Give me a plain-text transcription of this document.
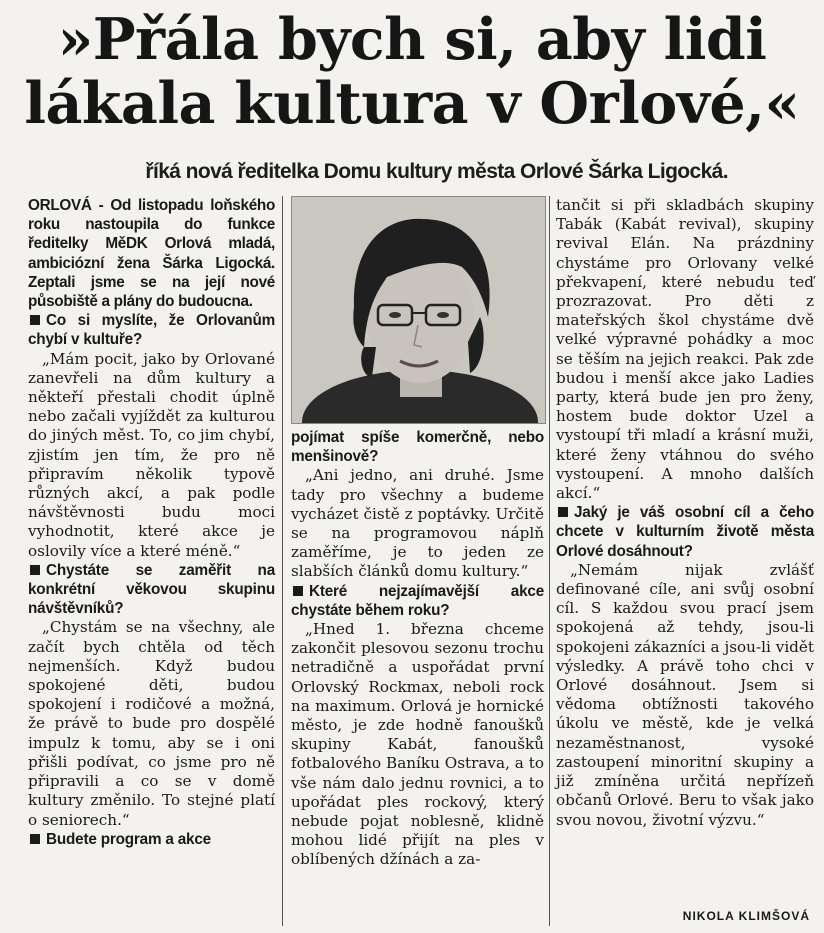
»Přála bych si, aby lidi
lákala kultura v Orlové,«
říká nová ředitelka Domu kultury města Orlové Šárka Ligocká.

ORLOVÁ - Od listopadu loňského roku nastoupila do funkce ředitelky MěDK Orlová mladá, ambiciózní žena Šárka Ligocká. Zeptali jsme se na její nové působiště a plány do budoucna.

Co si myslíte, že Orlovanům chybí v kultuře?

„Mám pocit, jako by Orlované zanevřeli na dům kultury a někteří přestali chodit úplně nebo začali vyjíždět za kulturou do jiných měst. To, co jim chybí, zjistím jen tím, že pro ně připravím několik typově různých akcí, a pak podle návštěvnosti budu moci vyhodnotit, které akce je oslovily více a které méně.“

Chystáte se zaměřit na konkrétní věkovou skupinu návštěvníků?

„Chystám se na všechny, ale začít bych chtěla od těch nejmenších. Když budou spokojené děti, budou spokojení i rodičové a možná, že právě to bude pro dospělé impulz k tomu, aby se i oni přišli podívat, co jsme pro ně připravili a co se v domě kultury změnilo. To stejné platí o seniorech.“

Budete program a akce

pojímat spíše komerčně, nebo menšinově?

„Ani jedno, ani druhé. Jsme tady pro všechny a budeme vycházet čistě z poptávky. Určitě se na programovou náplň zaměříme, je to jeden ze slabších článků domu kultury.“

Které nejzajímavější akce chystáte během roku?

„Hned 1. března chceme zakončit plesovou sezonu trochu netradičně a uspořádat první Orlovský Rockmax, neboli rock na maximum. Orlová je hornické město, je zde hodně fanoušků skupiny Kabát, fanoušků fotbalového Baníku Ostrava, a to vše nám dalo jednu rovnici, a to upořádat ples rockový, který nebude pojat noblesně, klidně mohou lidé přijít na ples v oblíbených džínách a za-

tančit si při skladbách skupiny Tabák (Kabát revival), skupiny revival Elán. Na prázdniny chystáme pro Orlovany velké překvapení, které nebudu teď prozrazovat. Pro děti z mateřských škol chystáme dvě velké výpravné pohádky a moc se těším na jejich reakci. Pak zde budou i menší akce jako Ladies party, která bude jen pro ženy, hostem bude doktor Uzel a vystoupí tři mladí a krásní muži, které ženy vtáhnou do svého vystoupení. A mnoho dalších akcí.“

Jaký je váš osobní cíl a čeho chcete v kulturním životě města Orlové dosáhnout?

„Nemám nijak zvlášť definované cíle, ani svůj osobní cíl. S každou svou prací jsem spokojená až tehdy, jsou-li spokojeni zákazníci a jsou-li vidět výsledky. A právě toho chci v Orlové dosáhnout. Jsem si vědoma obtížnosti takového úkolu ve městě, kde je velká nezaměstnanost, vysoké zastoupení minoritní skupiny a již zmíněna určitá nepřízeň občanů Orlové. Beru to však jako svou novou, životní výzvu.“

NIKOLA KLIMŠOVÁ
